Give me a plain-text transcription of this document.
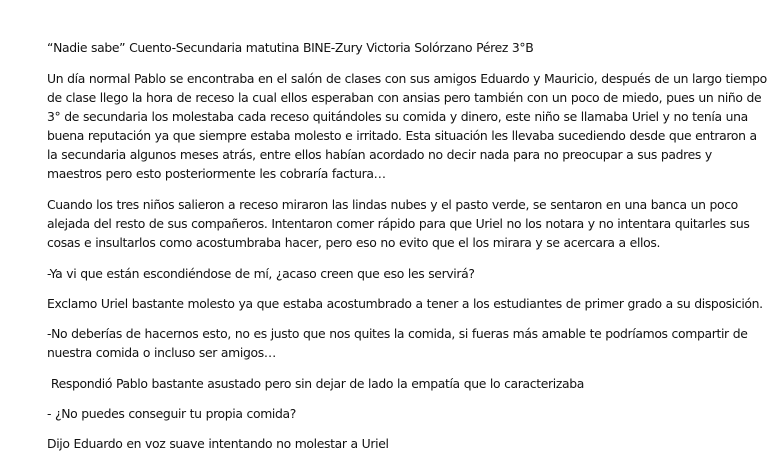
“Nadie sabe” Cuento-Secundaria matutina BINE-Zury Victoria Solórzano Pérez 3°B

Un día normal Pablo se encontraba en el salón de clases con sus amigos Eduardo y Mauricio, después de un largo tiempo de clase llego la hora de receso la cual ellos esperaban con ansias pero también con un poco de miedo, pues un niño de 3° de secundaria los molestaba cada receso quitándoles su comida y dinero, este niño se llamaba Uriel y no tenía una buena reputación ya que siempre estaba molesto e irritado. Esta situación les llevaba sucediendo desde que entraron a la secundaria algunos meses atrás, entre ellos habían acordado no decir nada para no preocupar a sus padres y maestros pero esto posteriormente les cobraría factura…

Cuando los tres niños salieron a receso miraron las lindas nubes y el pasto verde, se sentaron en una banca un poco alejada del resto de sus compañeros. Intentaron comer rápido para que Uriel no los notara y no intentara quitarles sus cosas e insultarlos como acostumbraba hacer, pero eso no evito que el los mirara y se acercara a ellos.

-Ya vi que están escondiéndose de mí, ¿acaso creen que eso les servirá?

Exclamo Uriel bastante molesto ya que estaba acostumbrado a tener a los estudiantes de primer grado a su disposición.

-No deberías de hacernos esto, no es justo que nos quites la comida, si fueras más amable te podríamos compartir de nuestra comida o incluso ser amigos…

Respondió Pablo bastante asustado pero sin dejar de lado la empatía que lo caracterizaba

- ¿No puedes conseguir tu propia comida?

Dijo Eduardo en voz suave intentando no molestar a Uriel
